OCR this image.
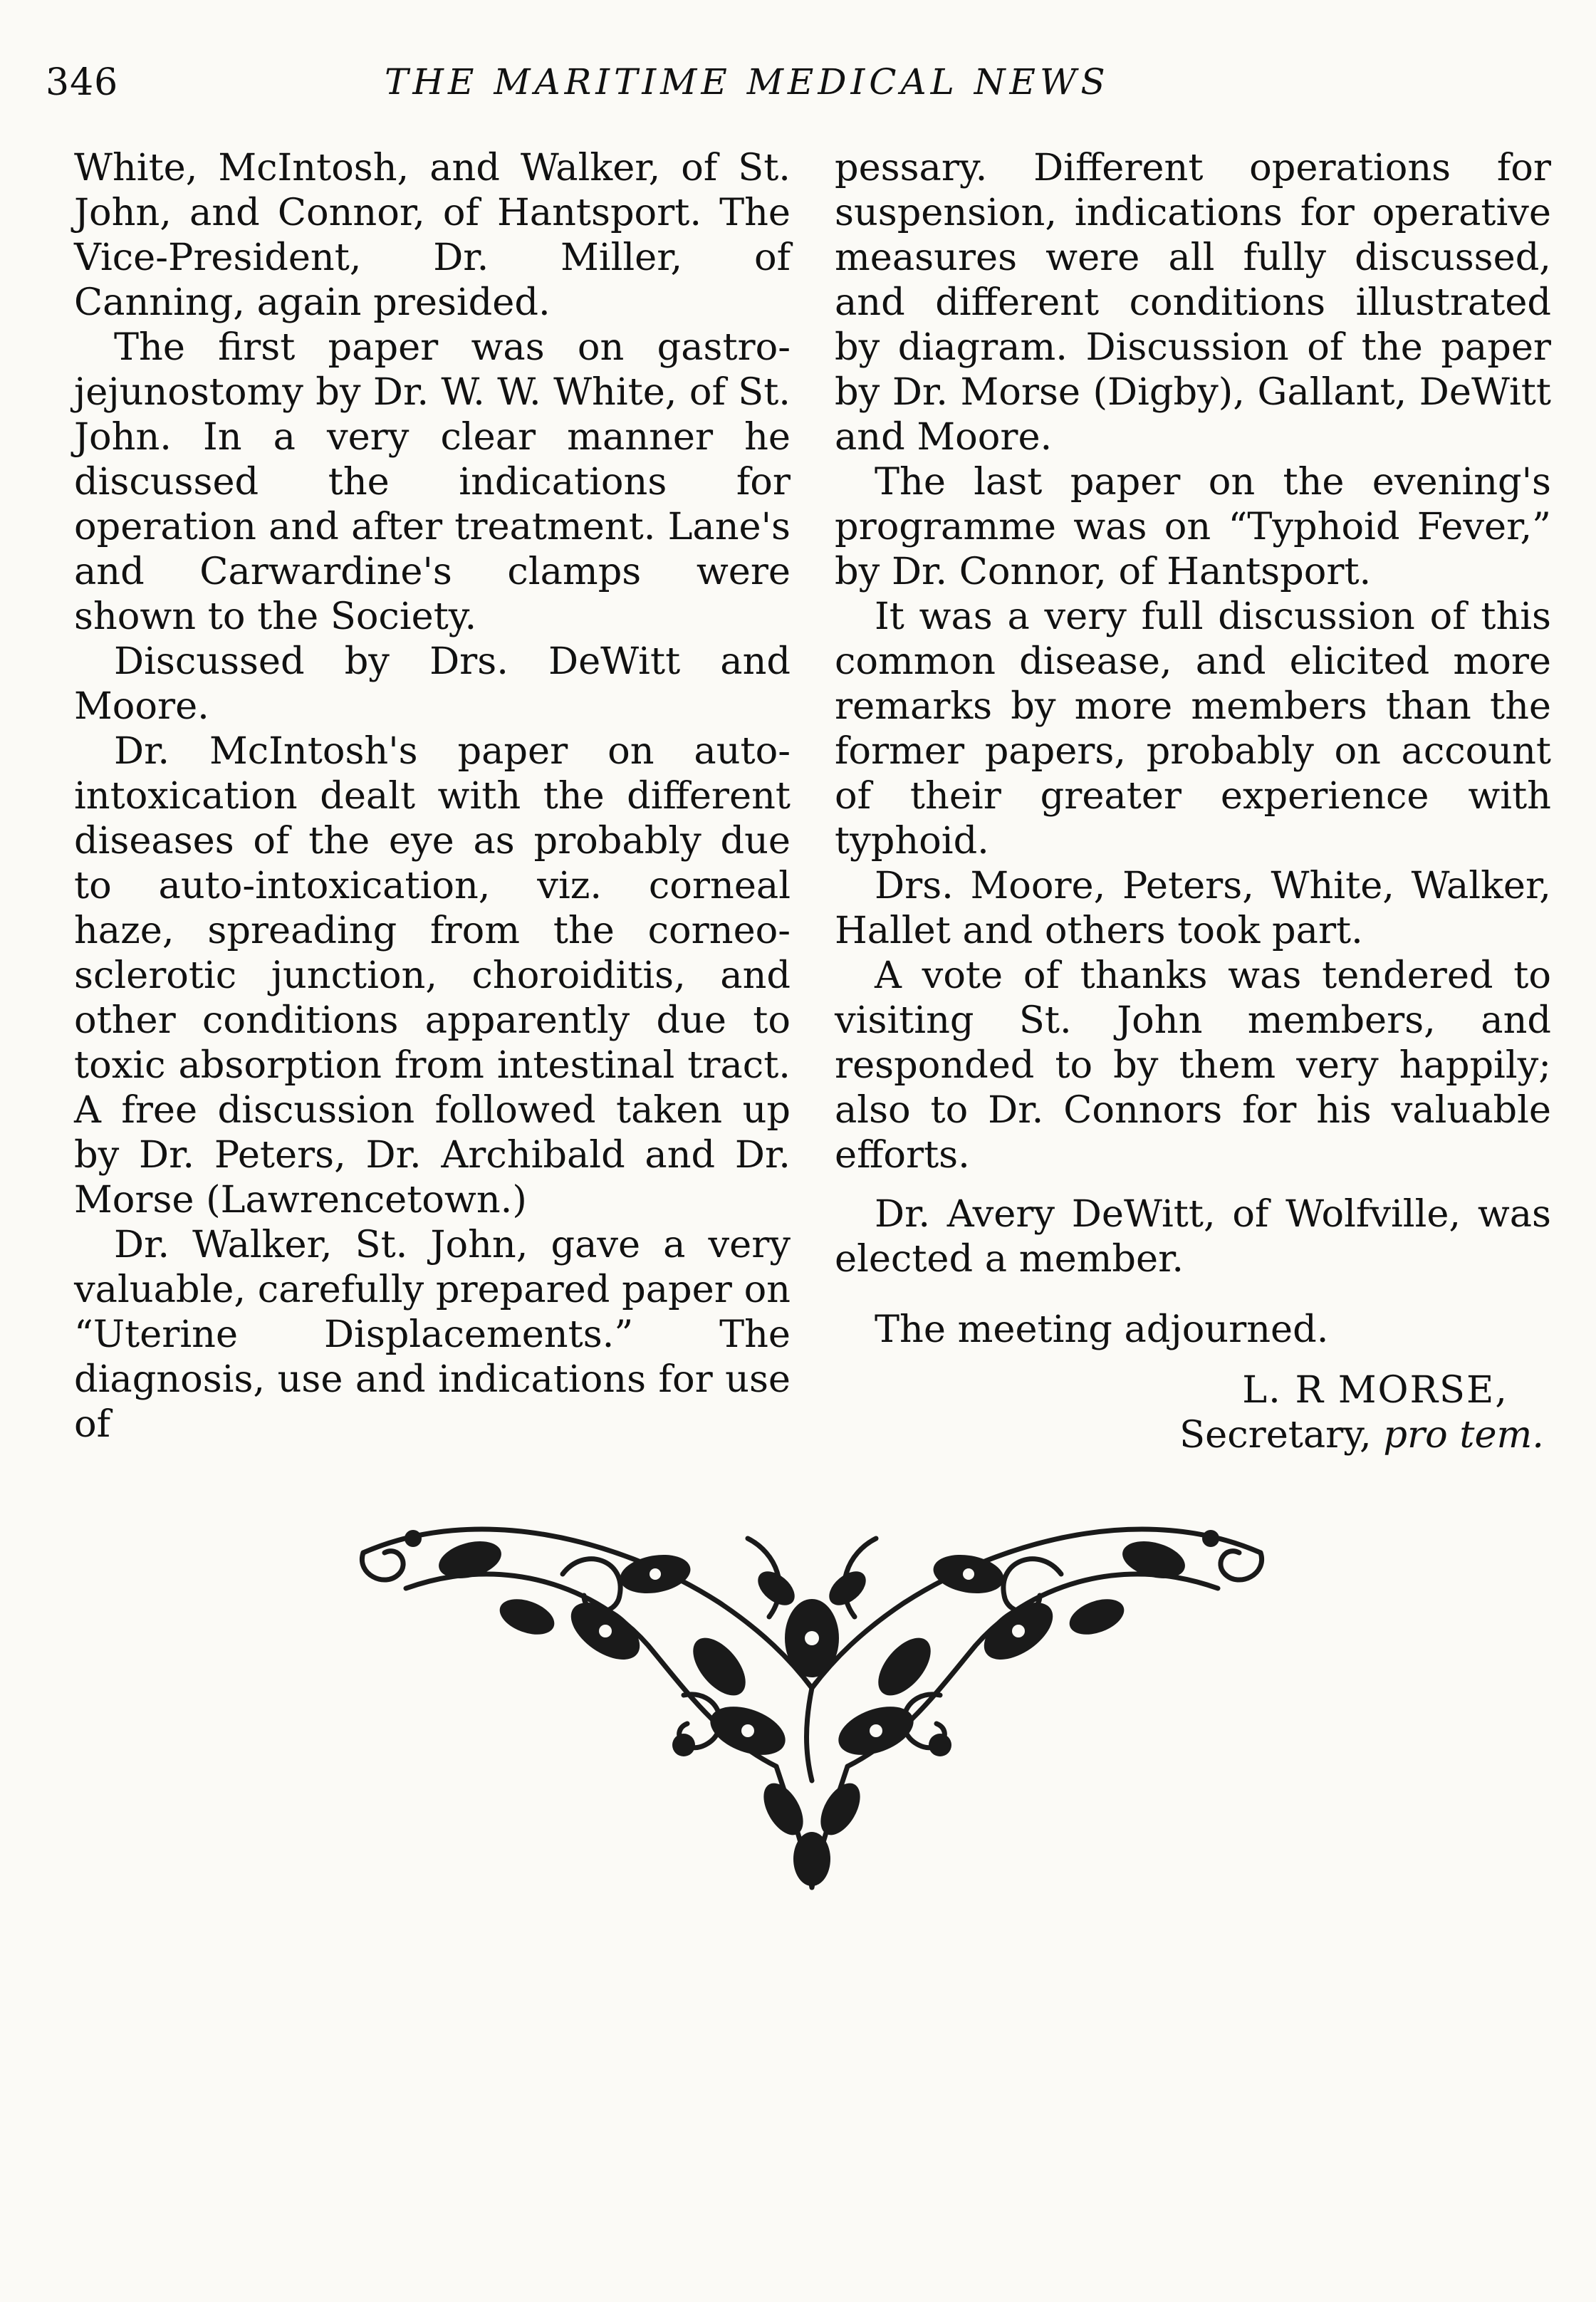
346	THE MARITIME MEDICAL NEWS

White, McIntosh, and Walker, of St. John, and Connor, of Hantsport. The Vice-President, Dr. Miller, of Canning, again presided.

The first paper was on gastro-jejunostomy by Dr. W. W. White, of St. John. In a very clear manner he discussed the indications for operation and after treatment. Lane's and Carwardine's clamps were shown to the Society.

Discussed by Drs. DeWitt and Moore.

Dr. McIntosh's paper on auto-intoxication dealt with the different diseases of the eye as probably due to auto-intoxication, viz. corneal haze, spreading from the corneo-sclerotic junction, choroiditis, and other conditions apparently due to toxic absorption from intestinal tract. A free discussion followed taken up by Dr. Peters, Dr. Archibald and Dr. Morse (Lawrencetown.)

Dr. Walker, St. John, gave a very valuable, carefully prepared paper on “Uterine Displacements.” The diagnosis, use and indications for use of

pessary. Different operations for suspension, indications for operative measures were all fully discussed, and different conditions illustrated by diagram. Discussion of the paper by Dr. Morse (Digby), Gallant, DeWitt and Moore.

The last paper on the evening's programme was on “Typhoid Fever,” by Dr. Connor, of Hantsport.

It was a very full discussion of this common disease, and elicited more remarks by more members than the former papers, probably on account of their greater experience with typhoid.

Drs. Moore, Peters, White, Walker, Hallet and others took part.

A vote of thanks was tendered to visiting St. John members, and responded to by them very happily; also to Dr. Connors for his valuable efforts.

Dr. Avery DeWitt, of Wolfville, was elected a member.

The meeting adjourned.

L. R MORSE,

Secretary, pro tem.
